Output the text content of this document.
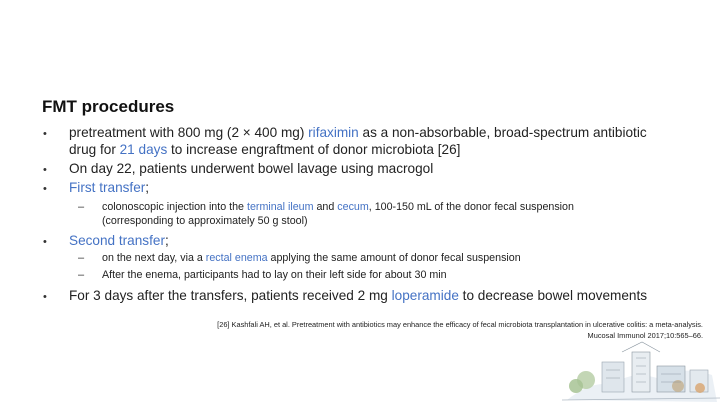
FMT procedures
• pretreatment with 800 mg (2 × 400 mg) rifaximin as a non-absorbable, broad-spectrum antibiotic
drug for 21 days to increase engraftment of donor microbiota [26]
• On day 22, patients underwent bowel lavage using macrogol
• First transfer;
– colonoscopic injection into the terminal ileum and cecum, 100-150 mL of the donor fecal suspension
(corresponding to approximately 50 g stool)
• Second transfer;
– on the next day, via a rectal enema applying the same amount of donor fecal suspension
– After the enema, participants had to lay on their left side for about 30 min
• For 3 days after the transfers, patients received 2 mg loperamide to decrease bowel movements
[26] Kashfali AH, et al. Pretreatment with antibiotics may enhance the efficacy of fecal microbiota transplantation in ulcerative colitis: a meta-analysis.
Mucosal Immunol 2017;10:565–66.
